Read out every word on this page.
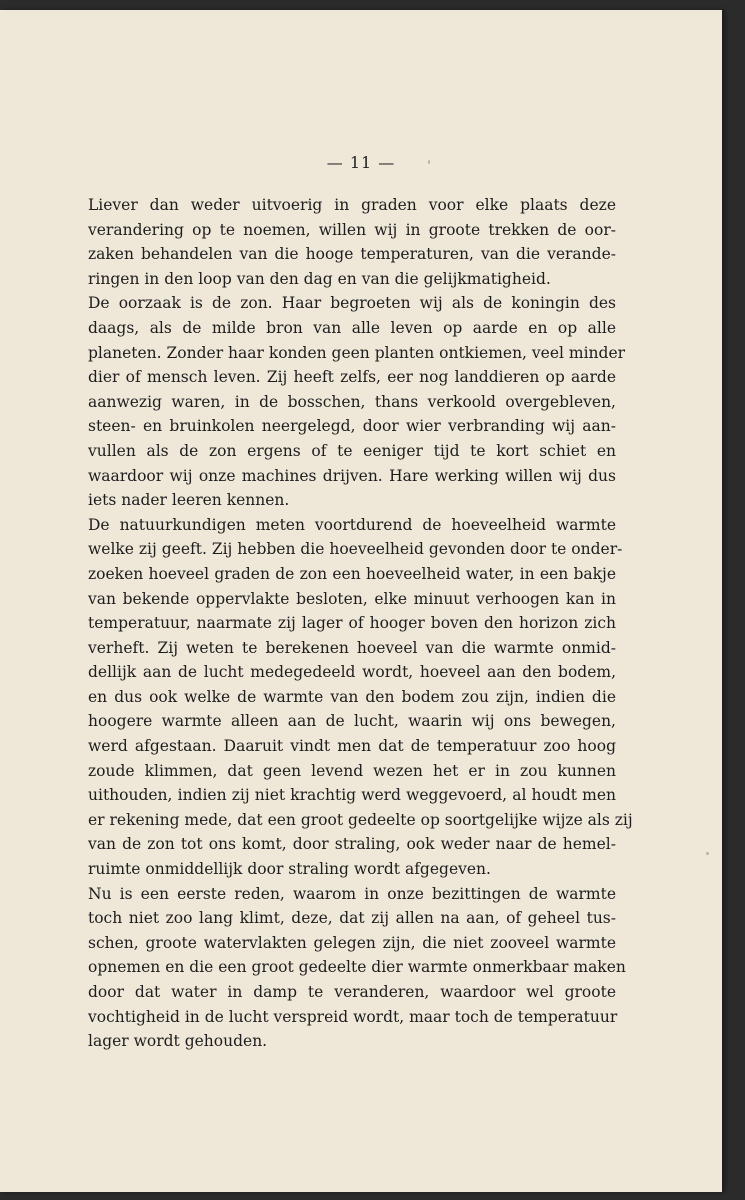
— 11 —
Liever dan weder uitvoerig in graden voor elke plaats deze
verandering op te noemen, willen wij in groote trekken de oor-
zaken behandelen van die hooge temperaturen, van die verande-
ringen in den loop van den dag en van die gelijkmatigheid.
De oorzaak is de zon. Haar begroeten wij als de koningin des
daags, als de milde bron van alle leven op aarde en op alle
planeten. Zonder haar konden geen planten ontkiemen, veel minder
dier of mensch leven. Zij heeft zelfs, eer nog landdieren op aarde
aanwezig waren, in de bosschen, thans verkoold overgebleven,
steen- en bruinkolen neergelegd, door wier verbranding wij aan-
vullen als de zon ergens of te eeniger tijd te kort schiet en
waardoor wij onze machines drijven. Hare werking willen wij dus
iets nader leeren kennen.
De natuurkundigen meten voortdurend de hoeveelheid warmte
welke zij geeft. Zij hebben die hoeveelheid gevonden door te onder-
zoeken hoeveel graden de zon een hoeveelheid water, in een bakje
van bekende oppervlakte besloten, elke minuut verhoogen kan in
temperatuur, naarmate zij lager of hooger boven den horizon zich
verheft. Zij weten te berekenen hoeveel van die warmte onmid-
dellijk aan de lucht medegedeeld wordt, hoeveel aan den bodem,
en dus ook welke de warmte van den bodem zou zijn, indien die
hoogere warmte alleen aan de lucht, waarin wij ons bewegen,
werd afgestaan. Daaruit vindt men dat de temperatuur zoo hoog
zoude klimmen, dat geen levend wezen het er in zou kunnen
uithouden, indien zij niet krachtig werd weggevoerd, al houdt men
er rekening mede, dat een groot gedeelte op soortgelijke wijze als zij
van de zon tot ons komt, door straling, ook weder naar de hemel-
ruimte onmiddellijk door straling wordt afgegeven.
Nu is een eerste reden, waarom in onze bezittingen de warmte
toch niet zoo lang klimt, deze, dat zij allen na aan, of geheel tus-
schen, groote watervlakten gelegen zijn, die niet zooveel warmte
opnemen en die een groot gedeelte dier warmte onmerkbaar maken
door dat water in damp te veranderen, waardoor wel groote
vochtigheid in de lucht verspreid wordt, maar toch de temperatuur
lager wordt gehouden.
